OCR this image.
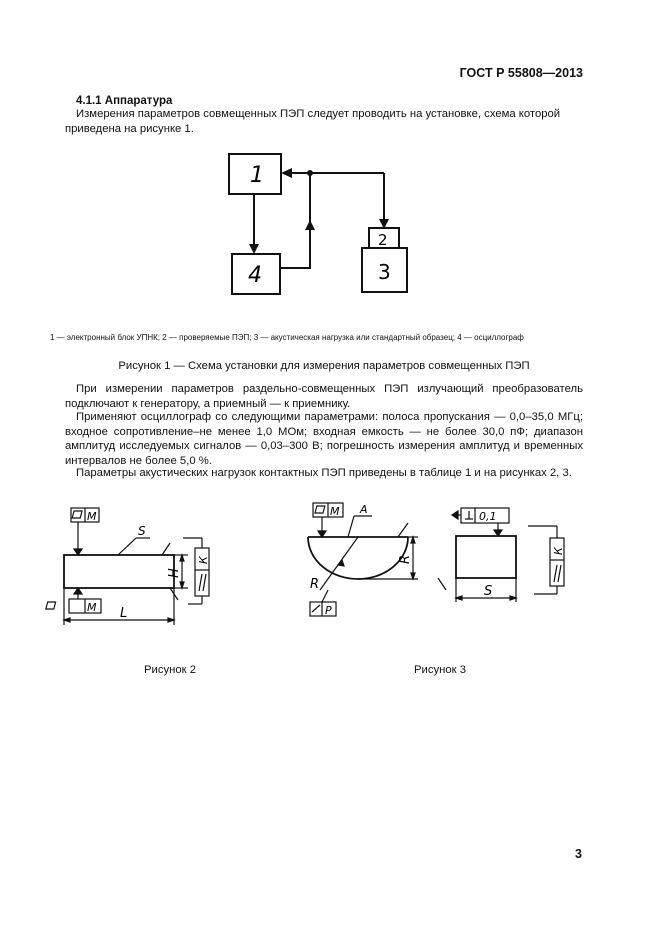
ГОСТ Р 55808—2013
4.1.1 Аппаратура
Измерения параметров совмещенных ПЭП следует проводить на установке, схема которой приведена на рисунке 1.
1
4
2
3
1 — электронный блок УПНК; 2 — проверяемые ПЭП; 3 — акустическая нагрузка или стандартный образец; 4 — осциллограф
Рисунок 1 — Схема установки для измерения параметров совмещенных ПЭП
При измерении параметров раздельно-совмещенных ПЭП излучающий преобразователь подключают к генератору, а приемный — к приемнику.
Применяют осциллограф со следующими параметрами: полоса пропускания — 0,0–35,0 МГц; входное сопротивление–не менее 1,0 МОм; входная емкость — не более 30,0 пФ; диапазон амплитуд исследуемых сигналов — 0,03–300 В; погрешность измерения амплитуд и временных интервалов не более 5,0 %.
Параметры акустических нагрузок контактных ПЭП приведены в таблице 1 и на рисунках 2, 3.
М
М
S
L
H
К
М
Р
А
R
R
0,1
S
К
Рисунок 2	Рисунок 3
3
